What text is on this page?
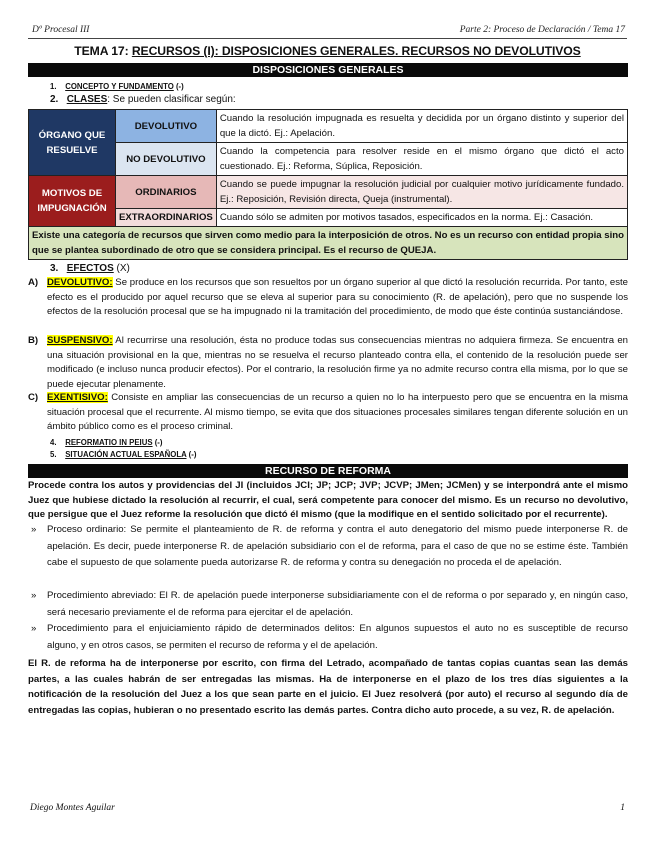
Dº Procesal III	Parte 2: Proceso de Declaración / Tema 17
TEMA 17: RECURSOS (I): DISPOSICIONES GENERALES. RECURSOS NO DEVOLUTIVOS
DISPOSICIONES GENERALES
1. CONCEPTO Y FUNDAMENTO (-)
2. CLASES: Se pueden clasificar según:
ÓRGANO QUE RESUELVE	DEVOLUTIVO	Cuando la resolución impugnada es resuelta y decidida por un órgano distinto y superior del que la dictó. Ej.: Apelación.
	NO DEVOLUTIVO	Cuando la competencia para resolver reside en el mismo órgano que dictó el acto cuestionado. Ej.: Reforma, Súplica, Reposición.
MOTIVOS DE IMPUGNACIÓN	ORDINARIOS	Cuando se puede impugnar la resolución judicial por cualquier motivo jurídicamente fundado. Ej.: Reposición, Revisión directa, Queja (instrumental).
	EXTRAORDINARIOS	Cuando sólo se admiten por motivos tasados, especificados en la norma. Ej.: Casación.
Existe una categoría de recursos que sirven como medio para la interposición de otros. No es un recurso con entidad propia sino que se plantea subordinado de otro que se considera principal. Es el recurso de QUEJA.		
3. EFECTOS (X)
A) DEVOLUTIVO: Se produce en los recursos que son resueltos por un órgano superior al que dictó la resolución recurrida. Por tanto, este efecto es el producido por aquel recurso que se eleva al superior para su conocimiento (R. de apelación), pero que no suspende los efectos de la resolución procesal que se ha impugnado ni la tramitación del procedimiento, de modo que éste continúa sustanciándose.
B) SUSPENSIVO: Al recurrirse una resolución, ésta no produce todas sus consecuencias mientras no adquiera firmeza. Se encuentra en una situación provisional en la que, mientras no se resuelva el recurso planteado contra ella, el contenido de la resolución puede ser modificado (e incluso nunca producir efectos). Por el contrario, la resolución firme ya no admite recurso contra ella misma, por lo que se puede ejecutar plenamente.
C) EXENTISIVO: Consiste en ampliar las consecuencias de un recurso a quien no lo ha interpuesto pero que se encuentra en la misma situación procesal que el recurrente. Al mismo tiempo, se evita que dos situaciones procesales similares tengan diferente solución en un ámbito público como es el proceso criminal.
4. REFORMATIO IN PEIUS (-)
5. SITUACIÓN ACTUAL ESPAÑOLA (-)
RECURSO DE REFORMA
Procede contra los autos y providencias del JI (incluidos JCI; JP; JCP; JVP; JCVP; JMen; JCMen) y se interpondrá ante el mismo Juez que hubiese dictado la resolución al recurrir, el cual, será competente para conocer del mismo. Es un recurso no devolutivo, que persigue que el Juez reforme la resolución que dictó él mismo (que la modifique en el sentido solicitado por el recurrente).
» Proceso ordinario: Se permite el planteamiento de R. de reforma y contra el auto denegatorio del mismo puede interponerse R. de apelación. Es decir, puede interponerse R. de apelación subsidiario con el de reforma, para el caso de que no se estime éste. También cabe el supuesto de que solamente pueda autorizarse R. de reforma y contra su denegación no proceda el de apelación.
» Procedimiento abreviado: El R. de apelación puede interponerse subsidiariamente con el de reforma o por separado y, en ningún caso, será necesario previamente el de reforma para ejercitar el de apelación.
» Procedimiento para el enjuiciamiento rápido de determinados delitos: En algunos supuestos el auto no es susceptible de recurso alguno, y en otros casos, se permiten el recurso de reforma y el de apelación.
El R. de reforma ha de interponerse por escrito, con firma del Letrado, acompañado de tantas copias cuantas sean las demás partes, a las cuales habrán de ser entregadas las mismas. Ha de interponerse en el plazo de los tres días siguientes a la notificación de la resolución del Juez a los que sean parte en el juicio. El Juez resolverá (por auto) el recurso al segundo día de entregadas las copias, hubieran o no presentado escrito las demás partes. Contra dicho auto procede, a su vez, R. de apelación.
Diego Montes Aguilar	1
